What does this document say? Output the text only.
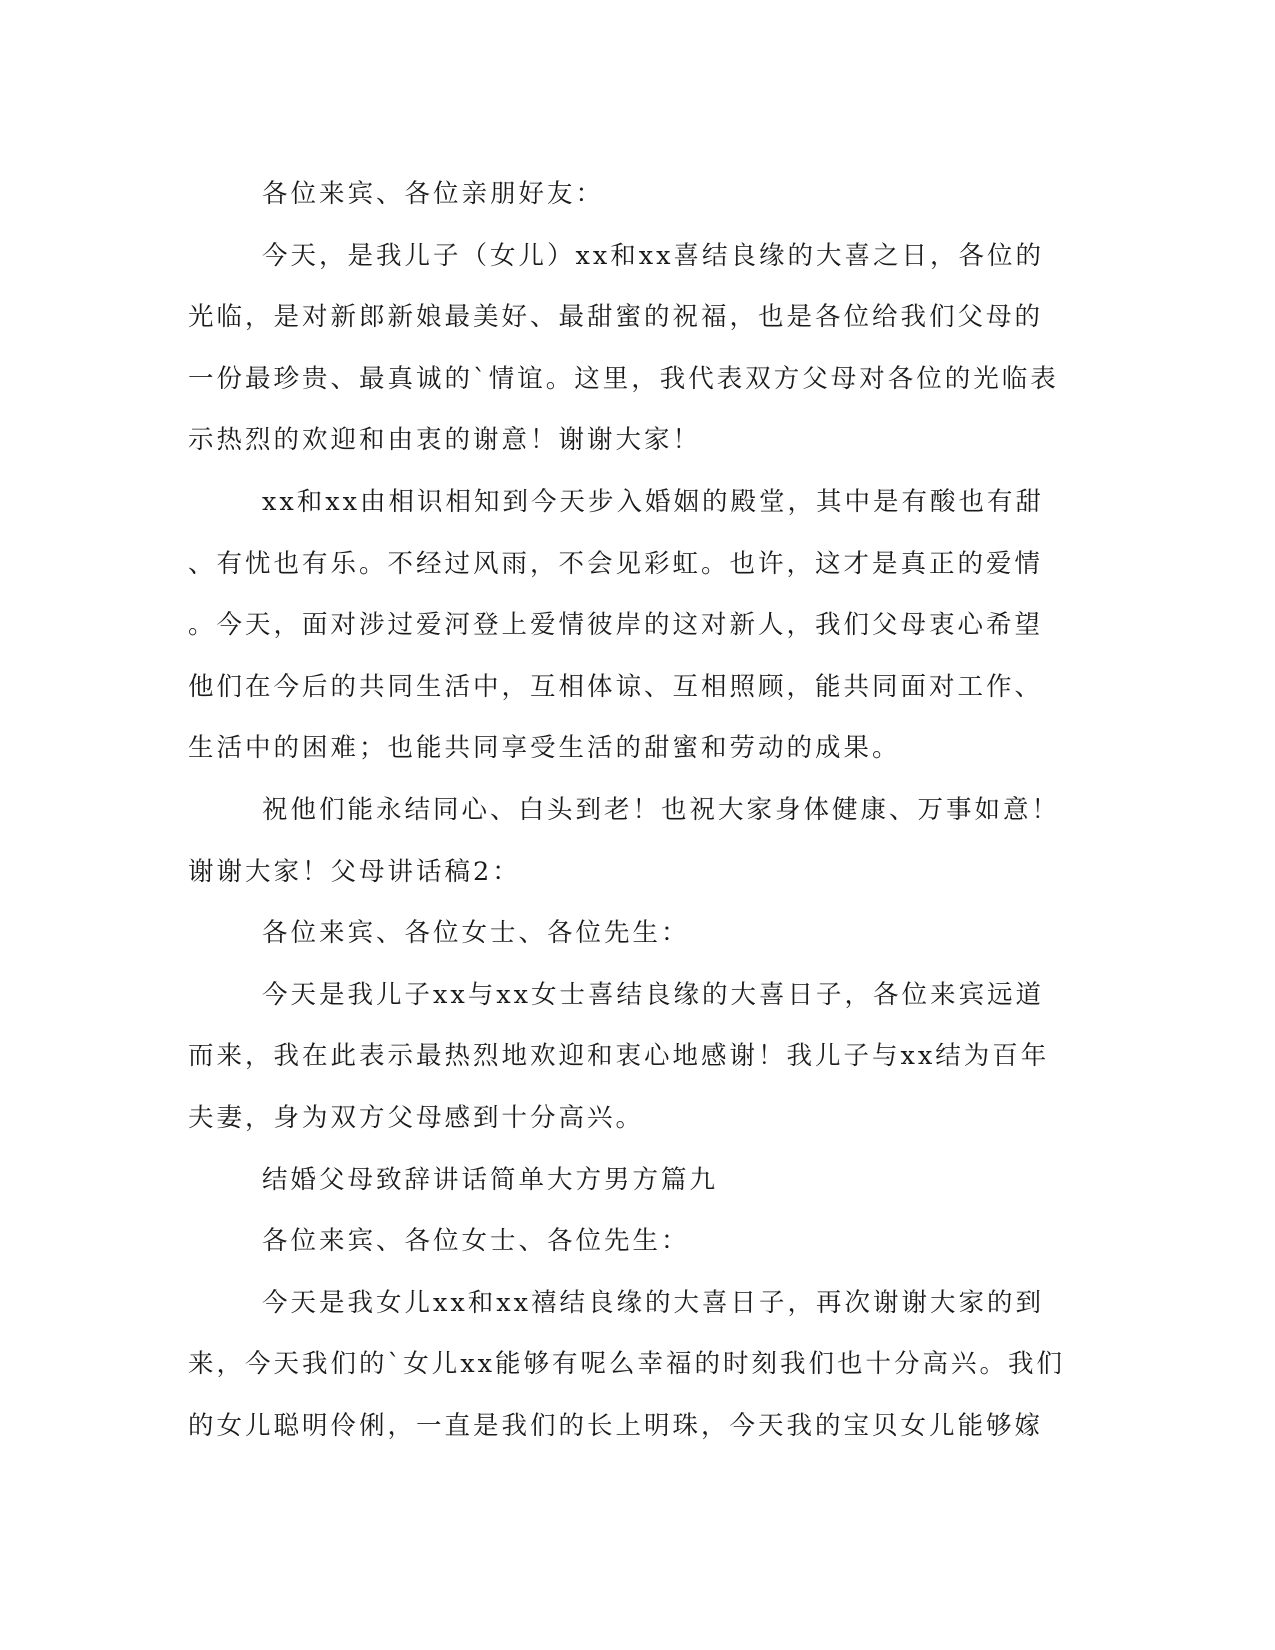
各位来宾、各位亲朋好友：
今天，是我儿子（女儿）xx和xx喜结良缘的大喜之日，各位的
光临，是对新郎新娘最美好、最甜蜜的祝福，也是各位给我们父母的
一份最珍贵、最真诚的`情谊。这里，我代表双方父母对各位的光临表
示热烈的欢迎和由衷的谢意！谢谢大家！
xx和xx由相识相知到今天步入婚姻的殿堂，其中是有酸也有甜
、有忧也有乐。不经过风雨，不会见彩虹。也许，这才是真正的爱情
。今天，面对涉过爱河登上爱情彼岸的这对新人，我们父母衷心希望
他们在今后的共同生活中，互相体谅、互相照顾，能共同面对工作、
生活中的困难；也能共同享受生活的甜蜜和劳动的成果。
祝他们能永结同心、白头到老！也祝大家身体健康、万事如意！
谢谢大家！父母讲话稿2：
各位来宾、各位女士、各位先生：
今天是我儿子xx与xx女士喜结良缘的大喜日子，各位来宾远道
而来，我在此表示最热烈地欢迎和衷心地感谢！我儿子与xx结为百年
夫妻，身为双方父母感到十分高兴。
结婚父母致辞讲话简单大方男方篇九
各位来宾、各位女士、各位先生：
今天是我女儿xx和xx禧结良缘的大喜日子，再次谢谢大家的到
来，今天我们的`女儿xx能够有呢么幸福的时刻我们也十分高兴。我们
的女儿聪明伶俐，一直是我们的长上明珠，今天我的宝贝女儿能够嫁
